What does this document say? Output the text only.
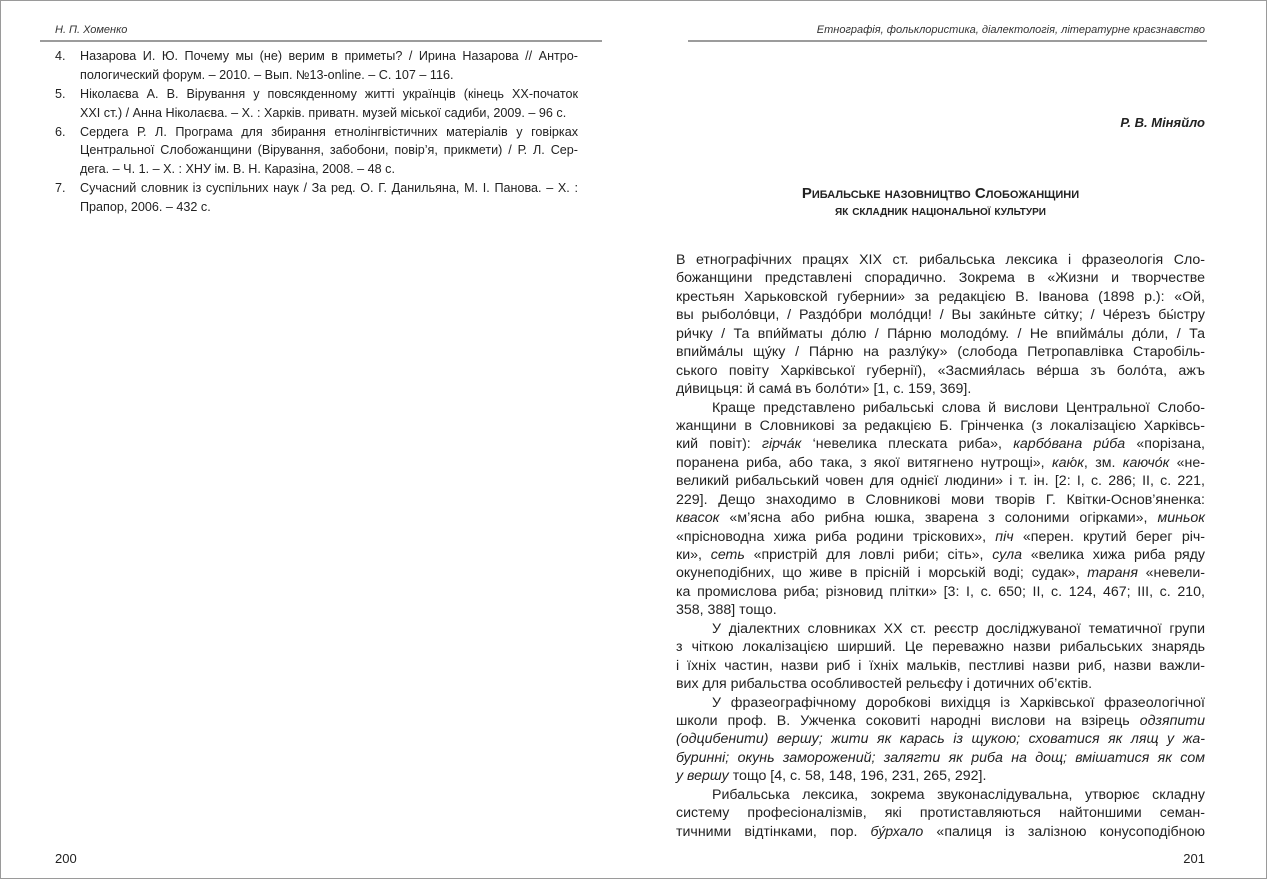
Н. П. Хоменко
4. Назарова И. Ю. Почему мы (не) верим в приметы? / Ирина Назарова // Антро-
пологический форум. – 2010. – Вып. №13-online. – С. 107 – 116.
5. Ніколаєва А. В. Вірування у повсякденному житті українців (кінець ХХ-початок
ХХІ ст.) / Анна Ніколаєва. – Х. : Харків. приватн. музей міської садиби, 2009. – 96 с.
6. Сердега Р. Л. Програма для збирання етнолінгвістичних матеріалів у говірках
Центральної Слобожанщини (Вірування, забобони, повір’я, прикмети) / Р. Л. Сер-
дега. – Ч. 1. – Х. : ХНУ ім. В. Н. Каразіна, 2008. – 48 с.
7. Сучасний словник із суспільних наук / За ред. О. Г. Данильяна, М. І. Панова. – Х. :
Прапор, 2006. – 432 с.
200
Етнографія, фольклористика, діалектологія, літературне краєзнавство
Р. В. Міняйло
Рибальське назовництво Слобожанщини
як складник національної культури
В етнографічних працях XIX ст. рибальська лексика і фразеологія Сло-
божанщини представлені спорадично. Зокрема в «Жизни и творчестве
крестьян Харьковской губернии» за редакцією В. Іванова (1898 р.): «Ой,
вы рыболо́вци, / Раздо́бри моло́дци! / Вы заки́ньте си́тку; / Че́резъ бы́стру
ри́чку / Та впи́йматы до́лю / Па́рню молодо́му. / Не впийма́лы до́ли, / Та
впийма́лы щу́ку / Па́рню на разлу́ку» (слобода Петропавлівка Старобіль-
ського повіту Харківської губернії), «Засмия́лась ве́рша зъ боло́та, ажъ
ди́вицьця: й сама́ въ боло́ти» [1, с. 159, 369].
Краще представлено рибальські слова й вислови Центральної Слобо-
жанщини в Словникові за редакцією Б. Грінченка (з локалізацією Харківсь-
кий повіт): гірча́к ‘невелика плеската риба», карбо́вана ри́ба «порізана,
поранена риба, або така, з якої витягнено нутрощі», каю́к, зм. каючо́к «не-
великий рибальський човен для однієї людини» і т. ін. [2: І, с. 286; ІІ, с. 221,
229]. Дещо знаходимо в Словникові мови творів Г. Квітки-Основ’яненка:
квасок «м’ясна або рибна юшка, зварена з солоними огірками», миньок
«прісноводна хижа риба родини тріскових», піч «перен. крутий берег річ-
ки», сеть «пристрій для ловлі риби; сіть», сула «велика хижа риба ряду
окунеподібних, що живе в прісній і морській воді; судак», тараня «невели-
ка промислова риба; різновид плітки» [3: І, с. 650; ІІ, с. 124, 467; ІІІ, с. 210,
358, 388] тощо.
У діалектних словниках ХХ ст. реєстр досліджуваної тематичної групи
з чіткою локалізацією ширший. Це переважно назви рибальських знарядь
і їхніх частин, назви риб і їхніх мальків, пестливі назви риб, назви важли-
вих для рибальства особливостей рельєфу і дотичних об’єктів.
У фразеографічному доробкові вихідця із Харківської фразеологічної
школи проф. В. Ужченка соковиті народні вислови на взірець одзяпити
(одцибенити) вершу; жити як карась із щукою; сховатися як лящ у жа-
буринні; окунь заморожений; залягти як риба на дощ; вмішатися як сом
у вершу тощо [4, с. 58, 148, 196, 231, 265, 292].
Рибальська лексика, зокрема звуконаслідувальна, утворює складну
систему професіоналізмів, які протиставляються найтоншими семан-
тичними відтінками, пор. бу́рхало «палиця із залізною конусоподібною
201
